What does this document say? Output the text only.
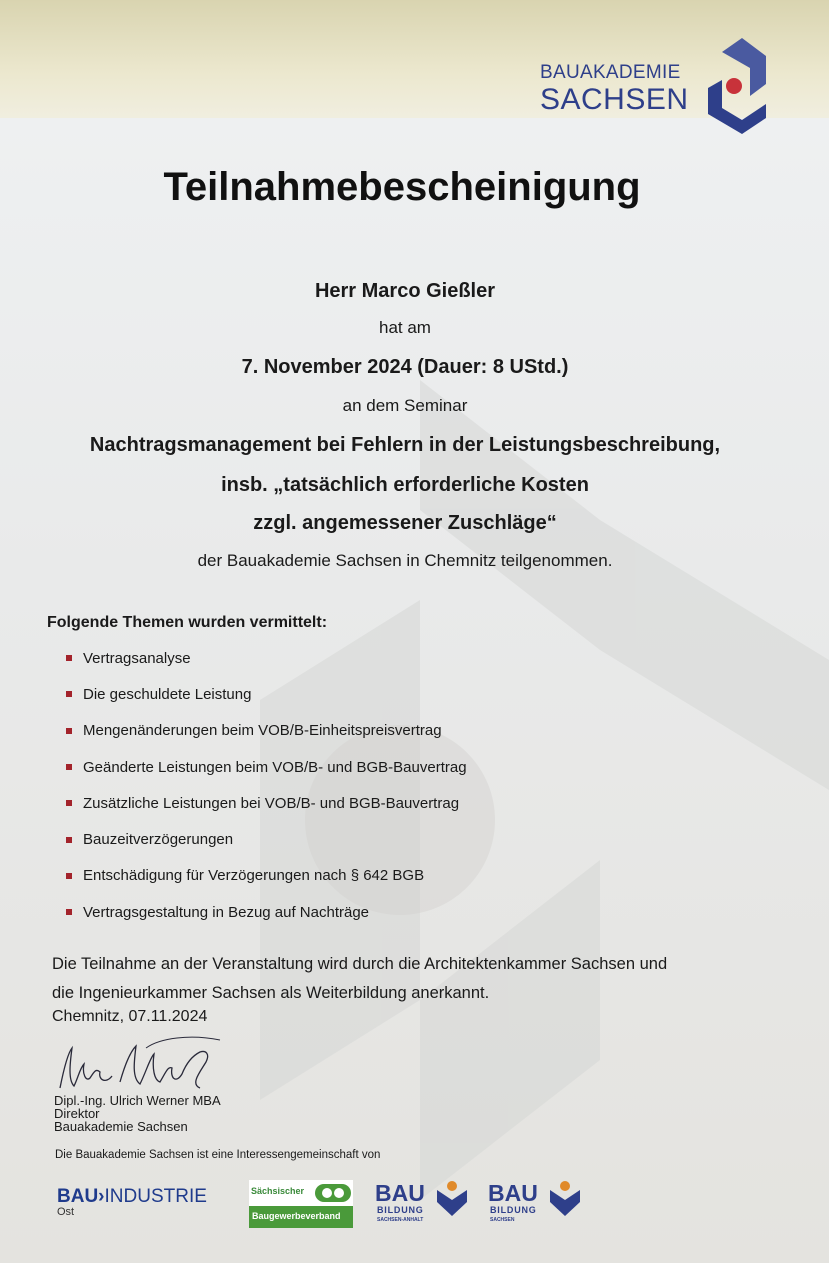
BAUAKADEMIE
SACHSEN
Teilnahmebescheinigung
Herr Marco Gießler
hat am
7. November 2024 (Dauer: 8 UStd.)
an dem Seminar
Nachtragsmanagement bei Fehlern in der Leistungsbeschreibung,
insb. „tatsächlich erforderliche Kosten
zzgl. angemessener Zuschläge“
der Bauakademie Sachsen in Chemnitz teilgenommen.
Folgende Themen wurden vermittelt:
Vertragsanalyse
Die geschuldete Leistung
Mengenänderungen beim VOB/B-Einheitspreisvertrag
Geänderte Leistungen beim VOB/B- und BGB-Bauvertrag
Zusätzliche Leistungen bei VOB/B- und BGB-Bauvertrag
Bauzeitverzögerungen
Entschädigung für Verzögerungen nach § 642 BGB
Vertragsgestaltung in Bezug auf Nachträge
Die Teilnahme an der Veranstaltung wird durch die Architektenkammer Sachsen und
die Ingenieurkammer Sachsen als Weiterbildung anerkannt.
Chemnitz, 07.11.2024
Dipl.-Ing. Ulrich Werner MBA
Direktor
Bauakademie Sachsen
Die Bauakademie Sachsen ist eine Interessengemeinschaft von
BAU›INDUSTRIE
Ost
Sächsischer
Baugewerbeverband
BAU
BILDUNG
SACHSEN-ANHALT
BAU
BILDUNG
SACHSEN
